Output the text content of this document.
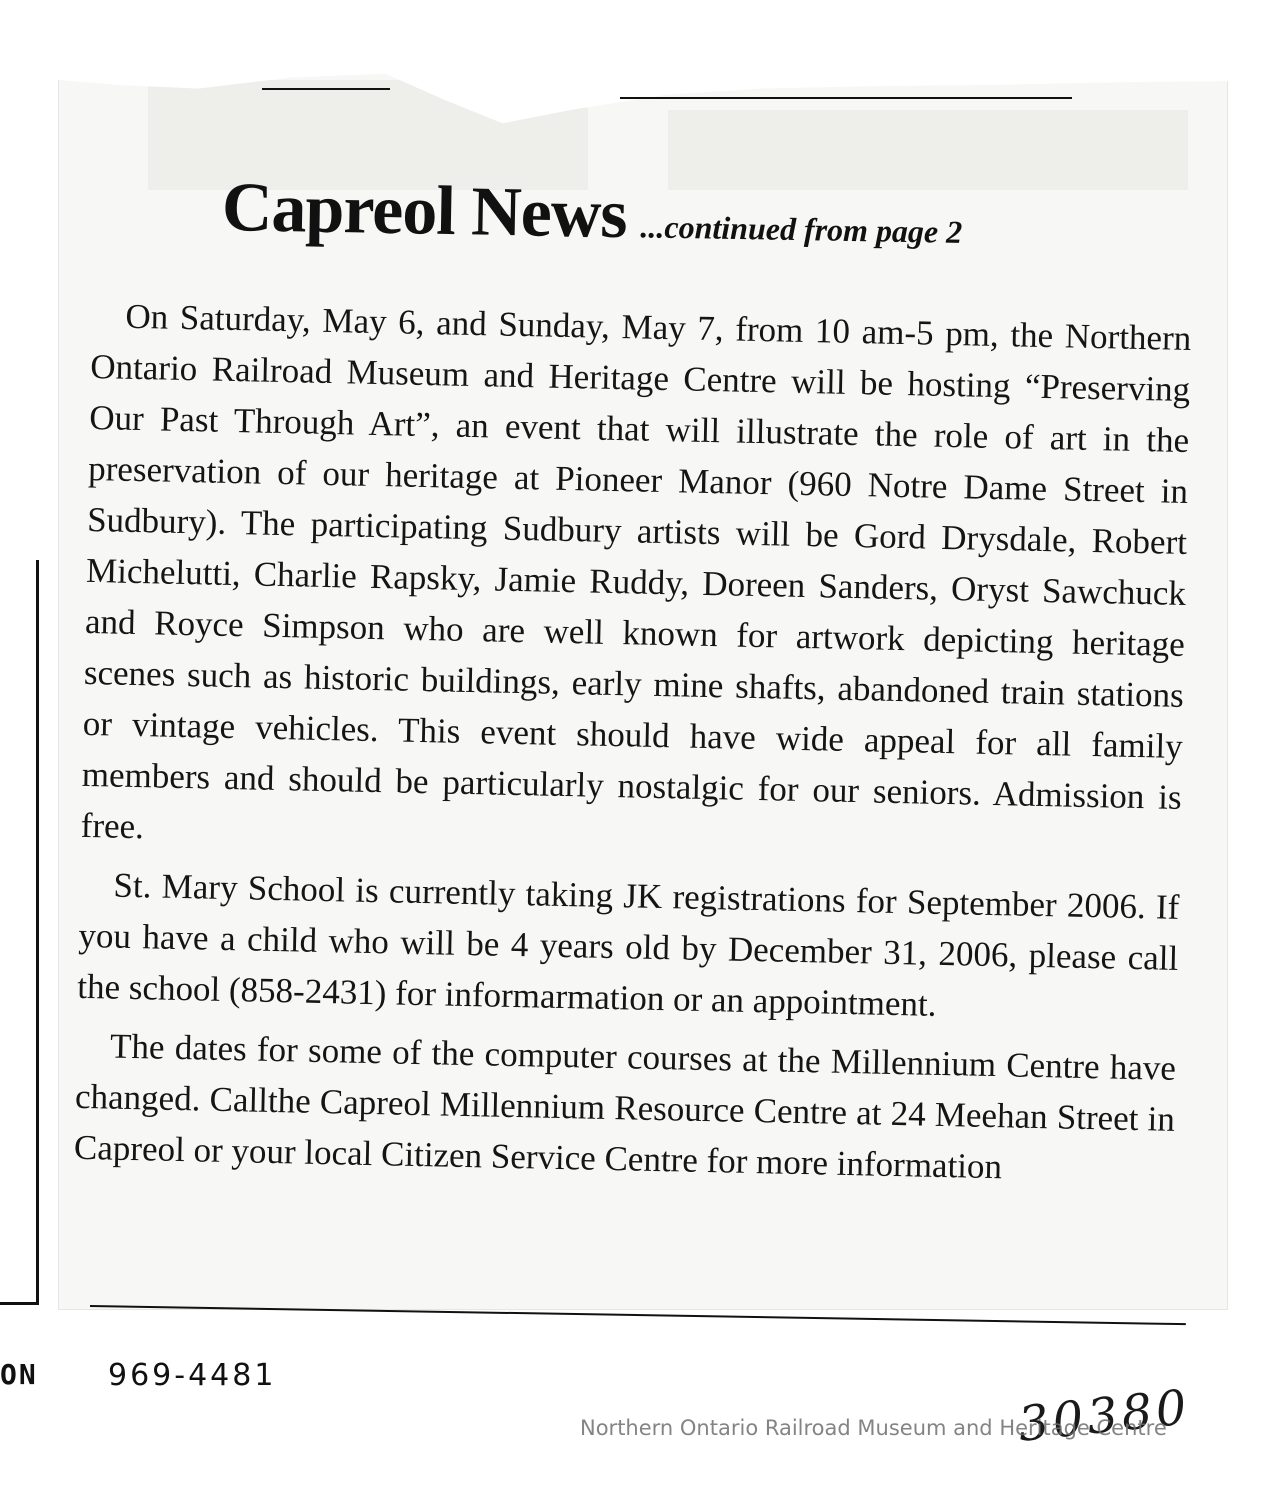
Capreol News ...continued from page 2

On Saturday, May 6, and Sunday, May 7, from 10 am-5 pm, the Northern Ontario Railroad Museum and Heritage Centre will be hosting “Preserving Our Past Through Art”, an event that will illustrate the role of art in the preservation of our heritage at Pioneer Manor (960 Notre Dame Street in Sudbury). The participating Sudbury artists will be Gord Drysdale, Robert Michelutti, Charlie Rapsky, Jamie Ruddy, Doreen Sanders, Oryst Sawchuck and Royce Simpson who are well known for artwork depicting heritage scenes such as historic buildings, early mine shafts, abandoned train stations or vintage vehicles. This event should have wide appeal for all family members and should be particularly nostalgic for our seniors. Admission is free.

St. Mary School is currently taking JK registrations for September 2006. If you have a child who will be 4 years old by December 31, 2006, please call the school (858-2431) for informarmation or an appointment.

The dates for some of the computer courses at the Millennium Centre have changed. Callthe Capreol Millennium Resource Centre at 24 Meehan Street in Capreol or your local Citizen Service Centre for more information

ON 969-4481
30380
Northern Ontario Railroad Museum and Heritage Centre
